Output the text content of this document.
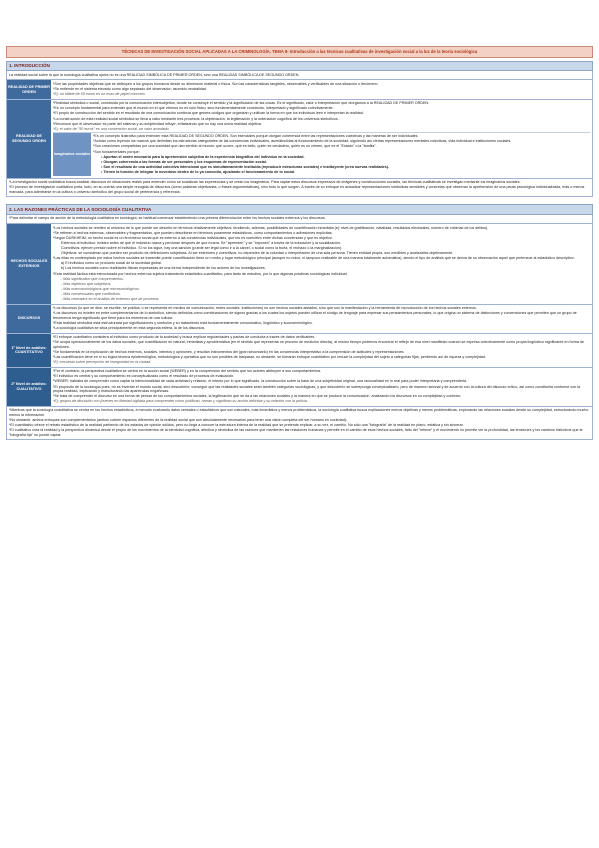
TÉCNICAS DE INVESTIGACIÓN SOCIAL APLICADAS A LA CRIMINOLOGÍA. TEMA 8- Introducción a las técnicas cualitativas de investigación social a la luz de la teoría sociológica
1. INTRODUCCIÓN

La realidad social sobre la que la sociología cualitativa opera no es una REALIDAD SIMBÓLICA DE PRIMER ORDEN, sino una REALIDAD SIMBÓLICA DE SEGUNDO ORDEN.

REALIDAD DE PRIMER ORDEN

*Son las propiedades objetivas que se atribuyen a los grupos humanos desde su dimensión material o física. Son las características tangibles, observables y verificables de una situación o fenómeno.

*Se entiende en el sistema elevado como algo separado del observador; asumido neutralidad.

*Ej: un billete de 50 euros es un trozo de papel concreto.

REALIDAD DE SEGUNDO ORDEN

*Realidad simbólica o social, construida por la comunicación intersubjetiva, donde se construye el sentido y la significación de las cosas. Es el significado, valor o interpretación que otorgamos a la REALIDAD DE PRIMER ORDEN.

*Es un concepto fundamental para entender que el mundo en el que vivimos no es solo físico, sino fundamentalmente construido, interpretado y significado colectivamente.

*El propio de construcción del sentido en el resultado de una comunicación continua que genera códigos que organizan y unifican la forma en que los individuos leen e interpretan la realidad.

*La construcción de esta realidad social simbólica se lleva a cabo mediante tres procesos: la objetivación, la legitimación y la ordenación cognitiva de los universos simbólicos.

*Reconoce que el observador es parte del sistema y su subjetividad influye, enfatizando que no hay una única realidad objetiva.

*Ej: el valor de "50 euros" es una convención social, un valor acordado.

Imaginarios sociales

*Es un concepto ilustrativo para entender esta REALIDAD DE SEGUNDO ORDEN. Son esenciales porque otorgan coherencia entre las representaciones colectivas y las maneras de ser individuales.

*Actúan como leyendo los marcos que delimitan los estructuras categoriales de las conciencias individuales, asimilándolas al funcionamiento de la sociedad, siguiendo así ciertas representaciones mentales colectivas, vida individual e instituciones sociales.

*Son creaciones compartidas por una sociedad que dan sentido al mundo: qué ocurre, qué es bello, quién es verdadero, quién es un crimen, qué es el "Estado" o la "familia".

*Son fundamentales porque:

• Aportan el orden necesario para la aprehensión subjetiva de la experiencia biográfica del individuo en la sociedad.

• Otorgan coherencia a las formas de ser personales y los esquemas de representación social.

• Son el resultado de una actividad colectiva intencional que es simultáneamente instituida (reproducir estructuras sociales) e instituyente (crea nuevas realidades).

• Tienen la función de integrar lo novedoso dentro de lo ya conocido, ajustando el funcionamiento de lo social.

*La investigación social cualitativa busca analizar discursos en situaciones reales para entender cómo se socializan las experiencias y se crean los imaginarios. Para captar estos discursos expresivos de imágenes y construcciones sociales, las técnicas cualitativas se investigan mediante los imaginarios sociales.

*El proceso de investigación cualitativa porta, todo, en su cuenta una simple recogida de discursos (como palabras objetivadas, o frases argumentativas), sino todo lo que surgen. A través de su enfoque es actualizar representaciones simbólicas sensibles y concretas que observan la aprehensión de una pauta psicológica individualizada, más o menos marcada, para adentrarse en la cultura o universo simbólico del grupo social de pertenencia y referencia.

2. LAS RAZONES PRÁCTICAS DE LA SOCIOLOGÍA CUALITATIVA

*Para delimitar el campo de acción de la metodología cualitativa en sociología, se habitual comenzar estableciendo una primera diferenciación entre los hechos sociales externos y los discursos.

HECHOS SOCIALES EXTERNOS

*Los hechos sociales se remiten al universo de lo que puede ser descrito en términos relativamente objetivos, tendiendo, además, posibilidades de cuantificación inmediata (ej: nivel de gratificación, natalidad, resultados electorales, número de víctimas de los delitos).

*Se refieren a hechos externos, observables y fragmentados, que pueden describirse en términos puramente estadísticos, como comportamientos o adhesiones explícitas.

*Según DURKHEIM, un hecho social es un fenómeno social que es externo a las conciencias individuales, que les es coercitivo entre dichas conciencias y que es objetivo.

Externos al individuo: existen antes de que el individuo nazca y perduran después de que muera. Se "aprenden" y se "imponen" a través de la educación y la socialización.

Coercitivos: ejercen presión sobre el individuo. Si no los sigue, hay una sanción (puede ser legal como ir a la cárcel, o social como la burla, el rechazo o la marginalización).

Objetivos: se consideran que pueden ser producto de definiciones subjetivas. Al ser exteriores y coercitivos, no dependen de la voluntad o interpretación de una sola persona. Tienen entidad propia, son medibles y analizables objetivamente.

*Las ellas es contemplado por estos hechos sociales se transmite puede cuantificación tiene un rumbo y lugar metodológico principal (aunque no único, ni tampoco realizable de una manera totalmente automática), siendo el tipo de análisis que se deriva de su observación aquel que pertenece al estadístico descriptivo.

a) El individuo como un producto social de la sociedad global.

b) Los hechos sociales como realidades físicas expresadas de una forma independiente de los actores de los investigadores.

*Esta realidad fáctica está estructurada por hechos externos sujetos tratamiento estadístico-cuantitativo, para tanto de estudios, por lo que algunas prácticas sociológicas individual.

- Más significativo que comprenderlos.

- Más objetivos que subjetivos.

- Más macrosociológicos que microsociológicos.

- Más consensuales que conflictivos.

- Más centrados en el análisis de externos que de procesos.

DISCURSOS

*Los discursos (lo que se dice, se escribe, se publica, o se representa en medios de comunicación, redes sociales, instituciones) no son hechos sociales aislados, sino que son la manifestación y la herramienta de reproducción de los hechos sociales externos.

*Los discursos no existen en entre complementarios de lo simbólico, siendo definidos como combinaciones de signos gracias a los cuales los sujetos pueden utilizar el código de lenguaje para expresar sus pensamientos personales, lo que origina un sistema de distinciones y convenciones que permiten que un grupo de fenómenos tenga significado que tiene para los miembros de una cultura.

*Esta realidad simbólica está estructurada por significaciones y símbolos y su tratamiento está fundamentalmente comunicativo, lingüístico y sociosemiológico.

*La sociología cualitativa se sitúa principalmente en esta segunda esfera, la de los discursos.

1º Nivel de análisis: CUANTITATIVO

*El enfoque cuantitativo considera al individuo como producto de la sociedad y busca explicar regularidades y pautas de conducta a través de datos verificables.

*Se ocupa operacionalmente de los datos sociales, que cuantificación en natural, inmediata y aproblemática (en el sentido que representa un proceso de medición directa), al mismo tiempo podemos encontrar el reflejo de esa nivel manifiesto cuando se expresa colectivamente como propia lingüístico significante en forma de opiniones.

*Se fundamental en la explicación de hechos externos, sociales, intentos y opiniones, y resultan instrumentos del (gran secundario) en las conciencias interpretativo a la comprensión de actitudes y representaciones.

*Las cuantificación tiene en sí su lógica técnica epistemológica, metodológica y operativa que no son posibles de traspasar, no obstante, se tomarán enfoque cuantitativo por reducir la complejidad del sujeto a categorías fijas, perdiendo así de riqueza y complejidad.

*Ej: encuesta sobre percepción de inseguridad en la ciudad.

2º Nivel de análisis: CUALITATIVO

*Por el contrario, la perspectiva cualitativa se centra en la acción social (WEBER) y en la comprensión del sentido que los actores atribuyen a sus comportamientos.

*El individuo es central y su comportamiento es conceptualizado como el resultado de procesos de evaluación.

*WEBER: hablaba de comprender como captar la intencionalidad de cada actividad y relación, el intento por lo que significado, la construcción sobre la base de una subjetividad original, una racionalidad en lo real para poder interpretarla y comprenderla.

*El propósito de la sociología pues, no es inventar el mundo social, sino descubrirlo: conseguir que las realidades sociales sean también categorías sociológicas, y que descubrirlo se sobreponga conceptualizarlo, pero de manera racional y de acuerdo con la cultura del discurso crítico, así como constituirla conforme con la propia realidad, explicando y estructurando las apariencias engañosas.

*Se trata de comprender el discurso en una forma de pensar de los comportamientos sociales, la legitimación que se da a las relaciones sociales y la manera en que se produce la comunicación, analizando los discursos en su complejidad y contexto.

*Ej: grupos de discusión con jóvenes en libertad vigilada para comprender cómo justifican, narran y significan su acción delictiva y su relación con la policía.

*Mientras que la sociología cuantitativa se centra en los hechos estadísticos, a menudo evaluando datos censales o estadísticos que son naturales, más inmediatos y menos problemáticos, la sociología cualitativa busca explicaciones menos objetivas y menos problemáticas, explorando las relaciones sociales desde su complejidad, estructurando mucho menos la información.

*No obstante, ambos enfoques son complementarios (ambos cubren espacios diferentes de la realidad social que son absolutamente necesarios para tener una visión completa del ser humano en sociedad):

*El cuantitativo ofrece el retrato estadístico de la realidad partiendo de los estados de opinión sólidos, pero no llega a conocer la estructura interna de la realidad que se pretende explicar, a su vez, el cambio. No sólo una "fotografía" de la realidad en plano, estática y sin sincerar.

*El cualitativo crea la realidad y la perspectiva dinámica desde el propio de los movimientos de la identidad cognitiva, afectiva y simbólica de las razones que mantienen las relaciones humanas y permite en el cambio de esos hechos sociales, falto del "relieve" y el movimiento no permite ver la profundidad, las tensiones y los cambios históricos que la "fotografía fija" no puede captar.
